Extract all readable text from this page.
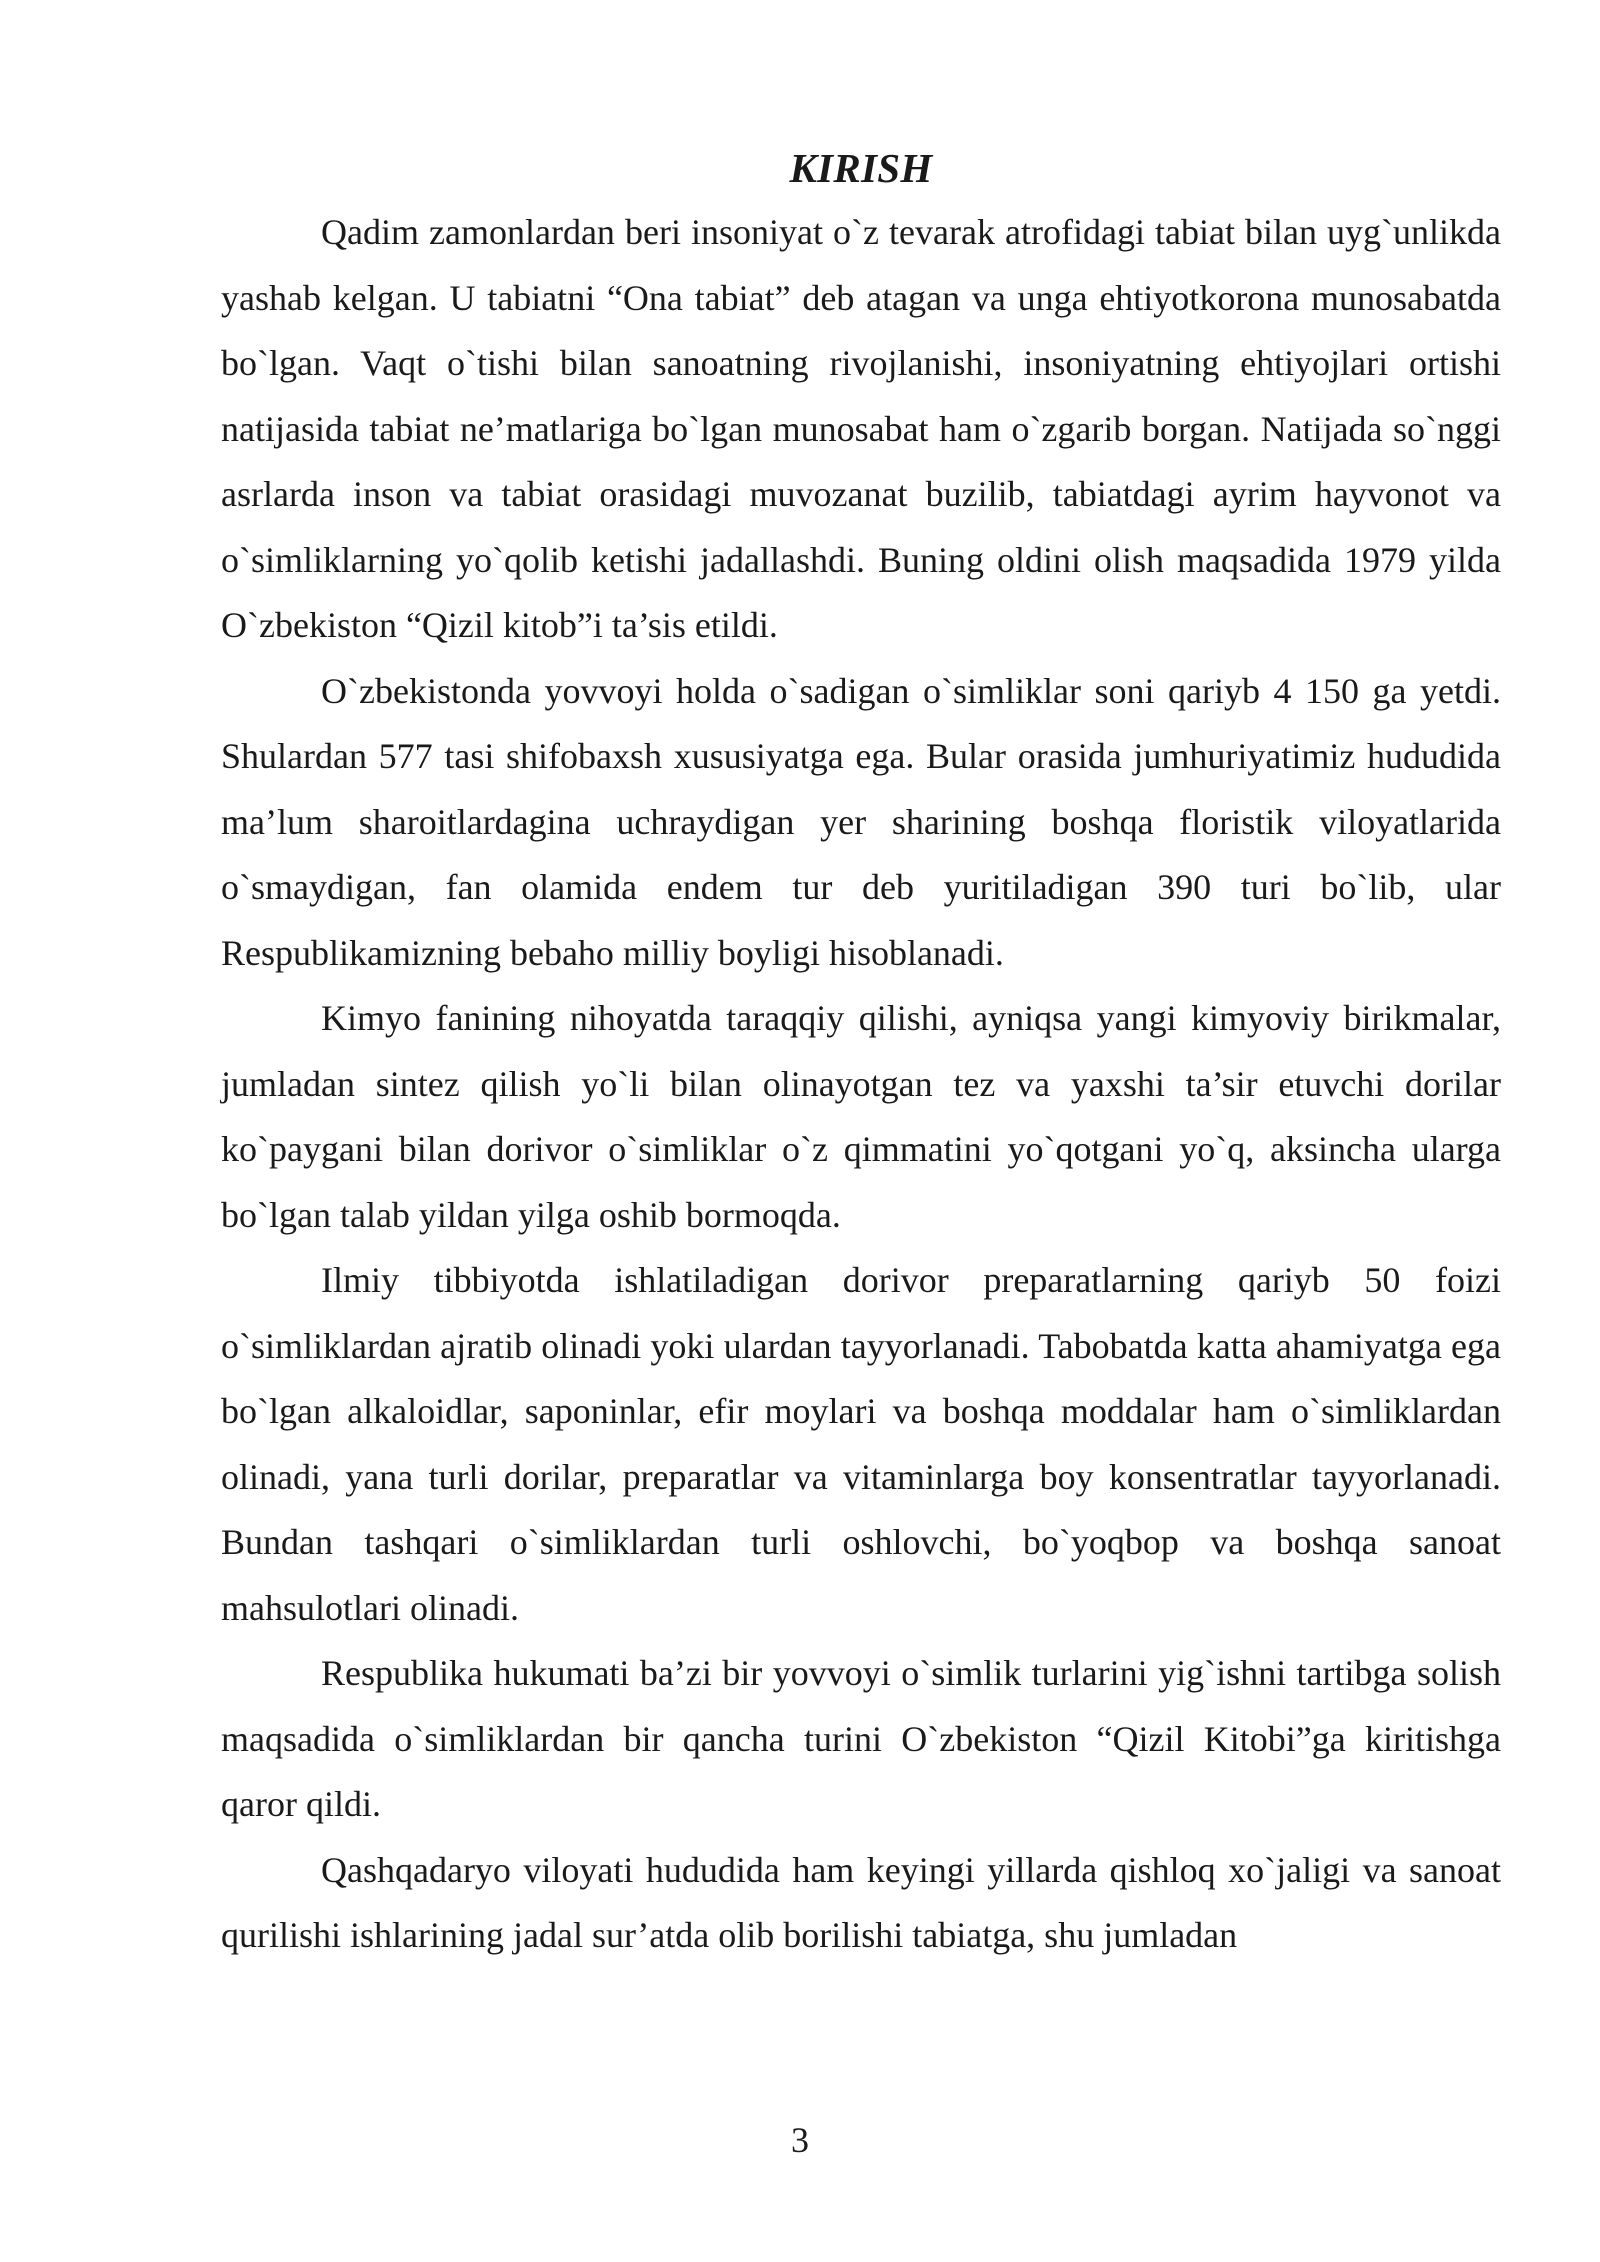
KIRISH

Qadim zamonlardan beri insoniyat o`z tevarak atrofidagi tabiat bilan uyg`unlikda yashab kelgan. U tabiatni “Ona tabiat” deb atagan va unga ehtiyotkorona munosabatda bo`lgan. Vaqt o`tishi bilan sanoatning rivojlanishi, insoniyatning ehtiyojlari ortishi natijasida tabiat ne’matlariga bo`lgan munosabat ham o`zgarib borgan. Natijada so`nggi asrlarda inson va tabiat orasidagi muvozanat buzilib, tabiatdagi ayrim hayvonot va o`simliklarning yo`qolib ketishi jadallashdi. Buning oldini olish maqsadida 1979 yilda O`zbekiston “Qizil kitob”i ta’sis etildi.

O`zbekistonda yovvoyi holda o`sadigan o`simliklar soni qariyb 4 150 ga yetdi. Shulardan 577 tasi shifobaxsh xususiyatga ega. Bular orasida jumhuriyatimiz hududida ma’lum sharoitlardagina uchraydigan yer sharining boshqa floristik viloyatlarida o`smaydigan, fan olamida endem tur deb yuritiladigan 390 turi bo`lib, ular Respublikamizning bebaho milliy boyligi hisoblanadi.

Kimyo fanining nihoyatda taraqqiy qilishi, ayniqsa yangi kimyoviy birikmalar, jumladan sintez qilish yo`li bilan olinayotgan tez va yaxshi ta’sir etuvchi dorilar ko`paygani bilan dorivor o`simliklar o`z qimmatini yo`qotgani yo`q, aksincha ularga bo`lgan talab yildan yilga oshib bormoqda.

Ilmiy tibbiyotda ishlatiladigan dorivor preparatlarning qariyb 50 foizi o`simliklardan ajratib olinadi yoki ulardan tayyorlanadi. Tabobatda katta ahamiyatga ega bo`lgan alkaloidlar, saponinlar, efir moylari va boshqa moddalar ham o`simliklardan olinadi, yana turli dorilar, preparatlar va vitaminlarga boy konsentratlar tayyorlanadi. Bundan tashqari o`simliklardan turli oshlovchi, bo`yoqbop va boshqa sanoat mahsulotlari olinadi.

Respublika hukumati ba’zi bir yovvoyi o`simlik turlarini yig`ishni tartibga solish maqsadida o`simliklardan bir qancha turini O`zbekiston “Qizil Kitobi”ga kiritishga qaror qildi.

Qashqadaryo viloyati hududida ham keyingi yillarda qishloq xo`jaligi va sanoat qurilishi ishlarining jadal sur’atda olib borilishi tabiatga, shu jumladan

3
